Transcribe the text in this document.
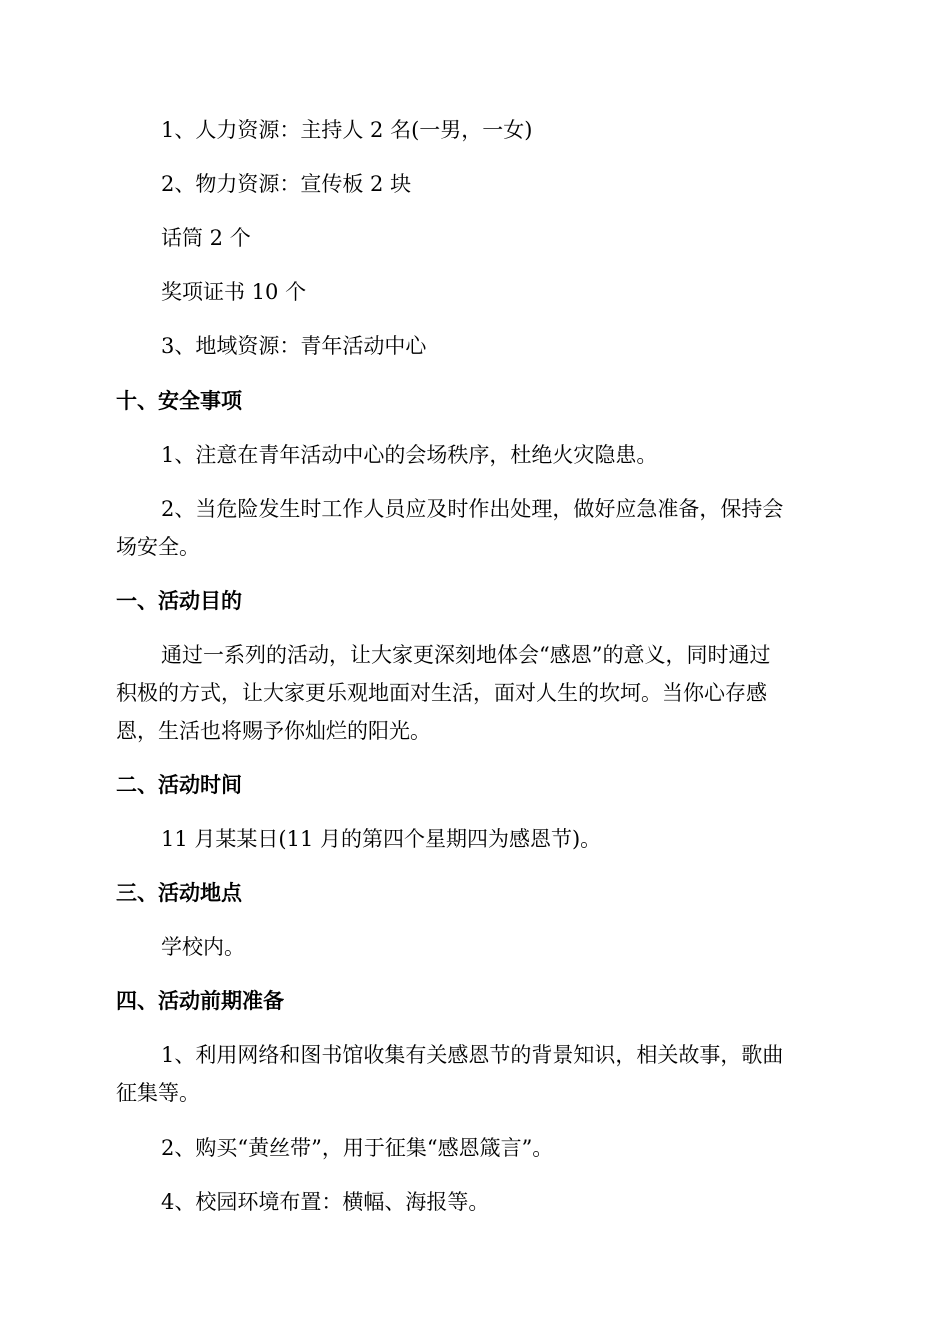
1、人力资源：主持人 2 名(一男，一女)
2、物力资源：宣传板 2 块
话筒 2 个
奖项证书 10 个
3、地域资源：青年活动中心
十、安全事项
1、注意在青年活动中心的会场秩序，杜绝火灾隐患。
2、当危险发生时工作人员应及时作出处理，做好应急准备，保持会
场安全。
一、活动目的
通过一系列的活动，让大家更深刻地体会“感恩”的意义，同时通过
积极的方式，让大家更乐观地面对生活，面对人生的坎坷。当你心存感
恩，生活也将赐予你灿烂的阳光。
二、活动时间
11 月某某日(11 月的第四个星期四为感恩节)。
三、活动地点
学校内。
四、活动前期准备
1、利用网络和图书馆收集有关感恩节的背景知识，相关故事，歌曲
征集等。
2、购买“黄丝带”，用于征集“感恩箴言”。
4、校园环境布置：横幅、海报等。
